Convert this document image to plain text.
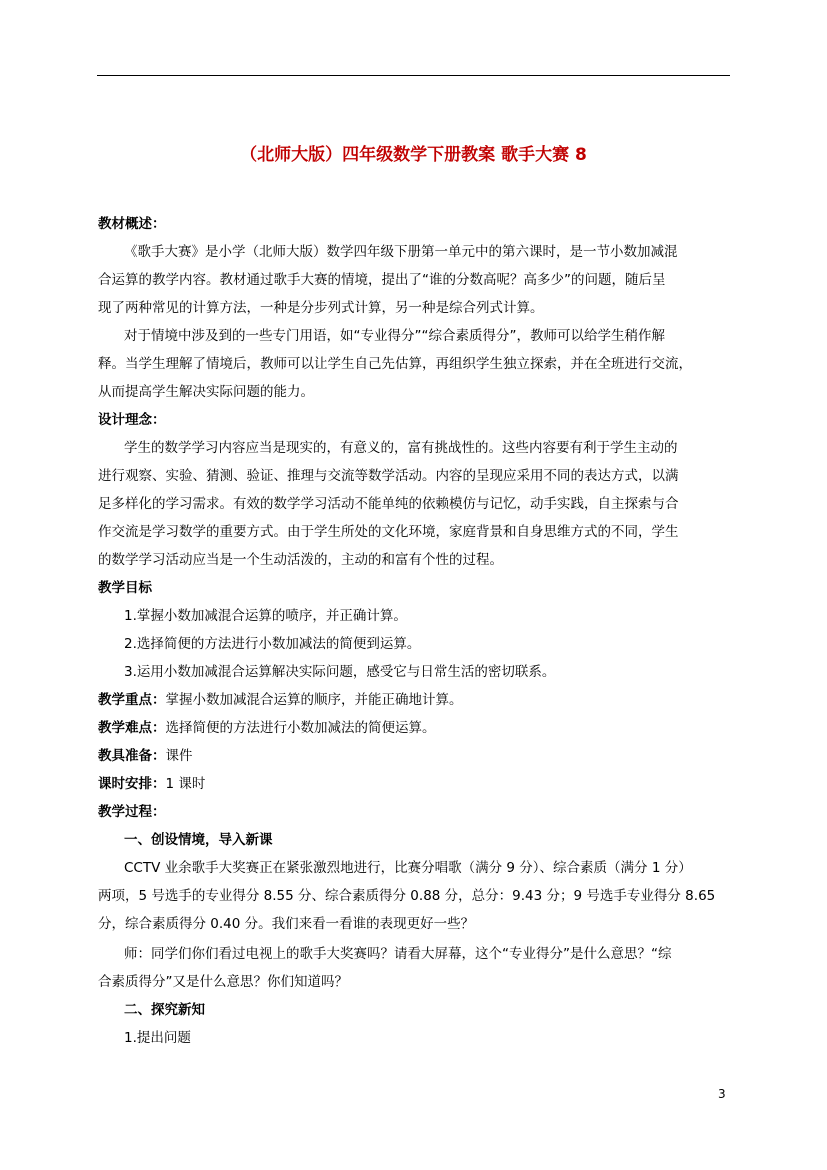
（北师大版）四年级数学下册教案 歌手大赛 8
教材概述：
《歌手大赛》是小学（北师大版）数学四年级下册第一单元中的第六课时，是一节小数加减混
合运算的教学内容。教材通过歌手大赛的情境，提出了“谁的分数高呢？高多少”的问题，随后呈
现了两种常见的计算方法，一种是分步列式计算，另一种是综合列式计算。
对于情境中涉及到的一些专门用语，如“专业得分”“综合素质得分”，教师可以给学生稍作解
释。当学生理解了情境后，教师可以让学生自己先估算，再组织学生独立探索，并在全班进行交流，
从而提高学生解决实际问题的能力。
设计理念：
学生的数学学习内容应当是现实的，有意义的，富有挑战性的。这些内容要有利于学生主动的
进行观察、实验、猜测、验证、推理与交流等数学活动。内容的呈现应采用不同的表达方式，以满
足多样化的学习需求。有效的数学学习活动不能单纯的依赖模仿与记忆，动手实践，自主探索与合
作交流是学习数学的重要方式。由于学生所处的文化环境，家庭背景和自身思维方式的不同，学生
的数学学习活动应当是一个生动活泼的，主动的和富有个性的过程。
教学目标
1.掌握小数加减混合运算的喷序，并正确计算。
2.选择简便的方法进行小数加减法的简便到运算。
3.运用小数加减混合运算解决实际问题，感受它与日常生活的密切联系。
教学重点：掌握小数加减混合运算的顺序，并能正确地计算。
教学难点：选择简便的方法进行小数加减法的简便运算。
教具准备：课件
课时安排：1 课时
教学过程：
一、创设情境，导入新课
CCTV 业余歌手大奖赛正在紧张激烈地进行，比赛分唱歌（满分 9 分）、综合素质（满分 1 分）
两项，5 号选手的专业得分 8.55 分、综合素质得分 0.88 分，总分：9.43 分；9 号选手专业得分 8.65
分，综合素质得分 0.40 分。我们来看一看谁的表现更好一些？
师：同学们你们看过电视上的歌手大奖赛吗？请看大屏幕，这个“专业得分”是什么意思？“综
合素质得分”又是什么意思？你们知道吗？
二、探究新知
1.提出问题
3
